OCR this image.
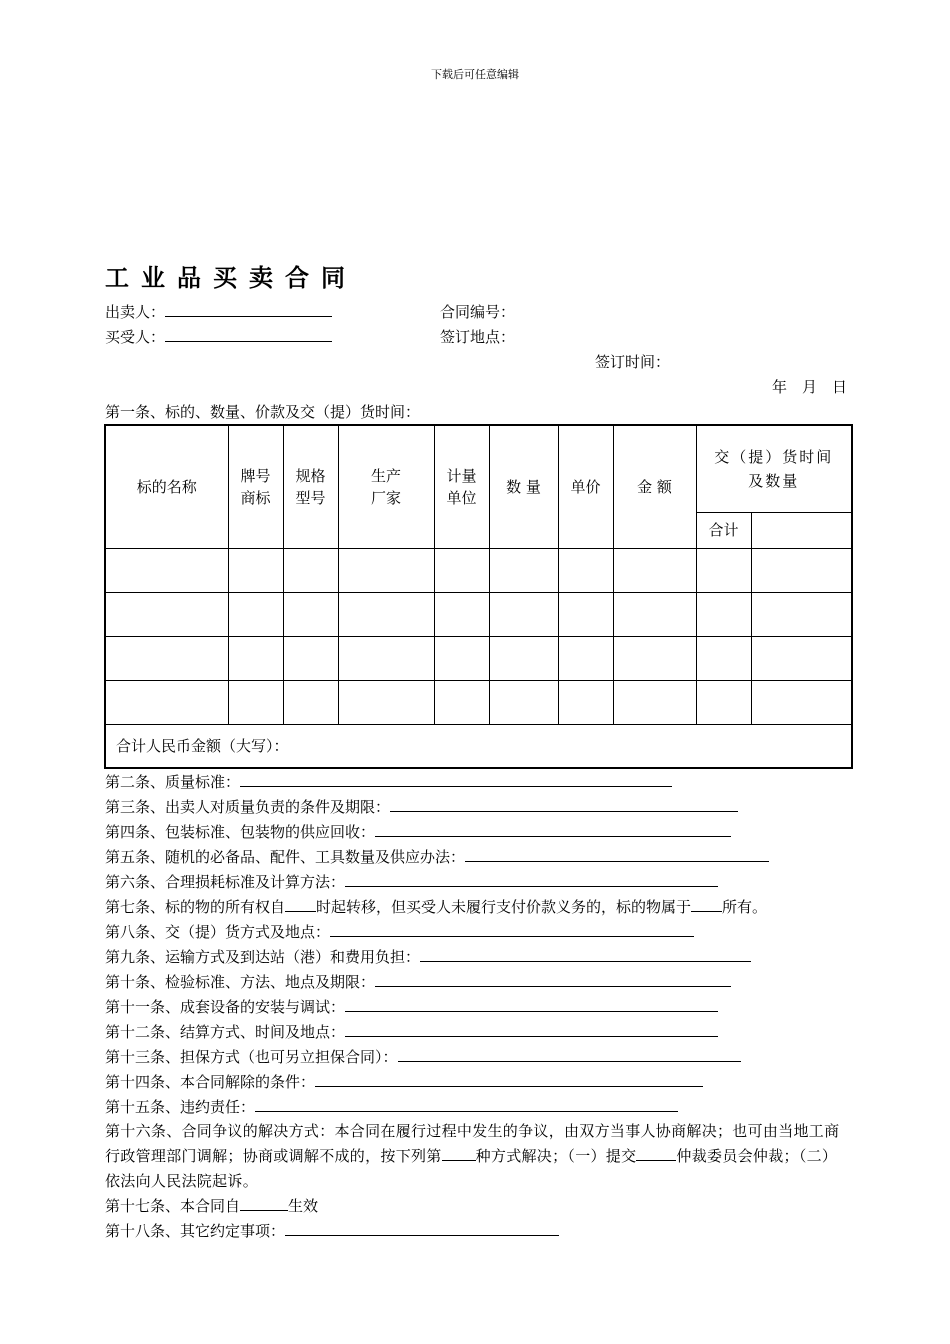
下载后可任意编辑
工业品买卖合同
出卖人：	合同编号：
买受人：	签订地点：
签订时间：
年 月 日
第一条、标的、数量、价款及交（提）货时间：
标的名称	牌号商标	规格型号	生产厂家	计量单位	数 量	单价	金 额	交（提）货时间及数量	

								合计	

合计人民币金额（大写）：									
第二条、质量标准：
第三条、出卖人对质量负责的条件及期限：
第四条、包装标准、包装物的供应回收：
第五条、随机的必备品、配件、工具数量及供应办法：
第六条、合理损耗标准及计算方法：
第七条、标的物的所有权自 时起转移，但买受人未履行支付价款义务的，标的物属于 所有。
第八条、交（提）货方式及地点：
第九条、运输方式及到达站（港）和费用负担：
第十条、检验标准、方法、地点及期限：
第十一条、成套设备的安装与调试：
第十二条、结算方式、时间及地点：
第十三条、担保方式（也可另立担保合同）：
第十四条、本合同解除的条件：
第十五条、违约责任：
第十六条、合同争议的解决方式：本合同在履行过程中发生的争议，由双方当事人协商解决；也可由当地工商行政管理部门调解；协商或调解不成的，按下列第 种方式解决；（一）提交	仲裁委员会仲裁；（二）依法向人民法院起诉。
第十七条、本合同自	生效
第十八条、其它约定事项：
